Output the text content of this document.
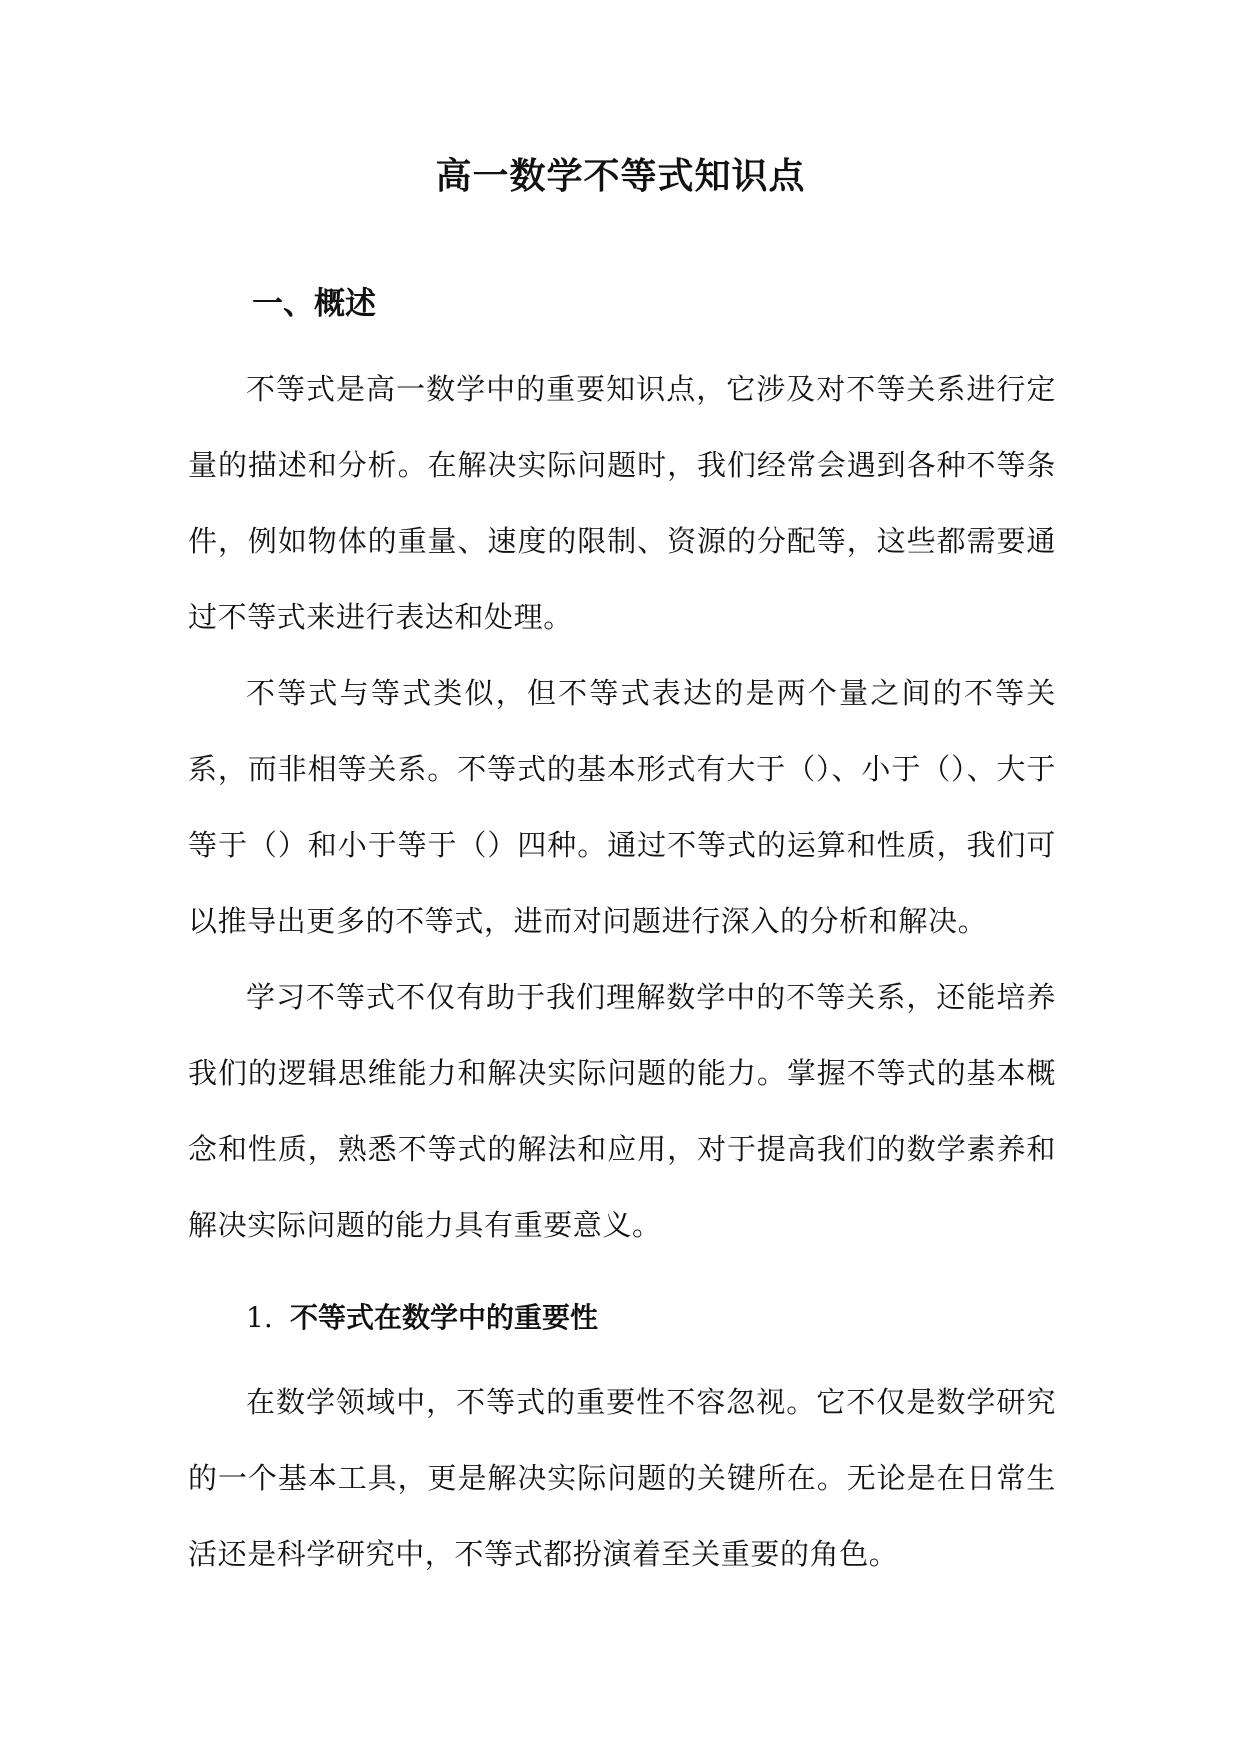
高一数学不等式知识点
一、概述

不等式是高一数学中的重要知识点，它涉及对不等关系进行定量的描述和分析。在解决实际问题时，我们经常会遇到各种不等条件，例如物体的重量、速度的限制、资源的分配等，这些都需要通过不等式来进行表达和处理。

不等式与等式类似，但不等式表达的是两个量之间的不等关系，而非相等关系。不等式的基本形式有大于（）、小于（）、大于等于（）和小于等于（）四种。通过不等式的运算和性质，我们可以推导出更多的不等式，进而对问题进行深入的分析和解决。

学习不等式不仅有助于我们理解数学中的不等关系，还能培养我们的逻辑思维能力和解决实际问题的能力。掌握不等式的基本概念和性质，熟悉不等式的解法和应用，对于提高我们的数学素养和解决实际问题的能力具有重要意义。

1. 不等式在数学中的重要性

在数学领域中，不等式的重要性不容忽视。它不仅是数学研究的一个基本工具，更是解决实际问题的关键所在。无论是在日常生活还是科学研究中，不等式都扮演着至关重要的角色。
